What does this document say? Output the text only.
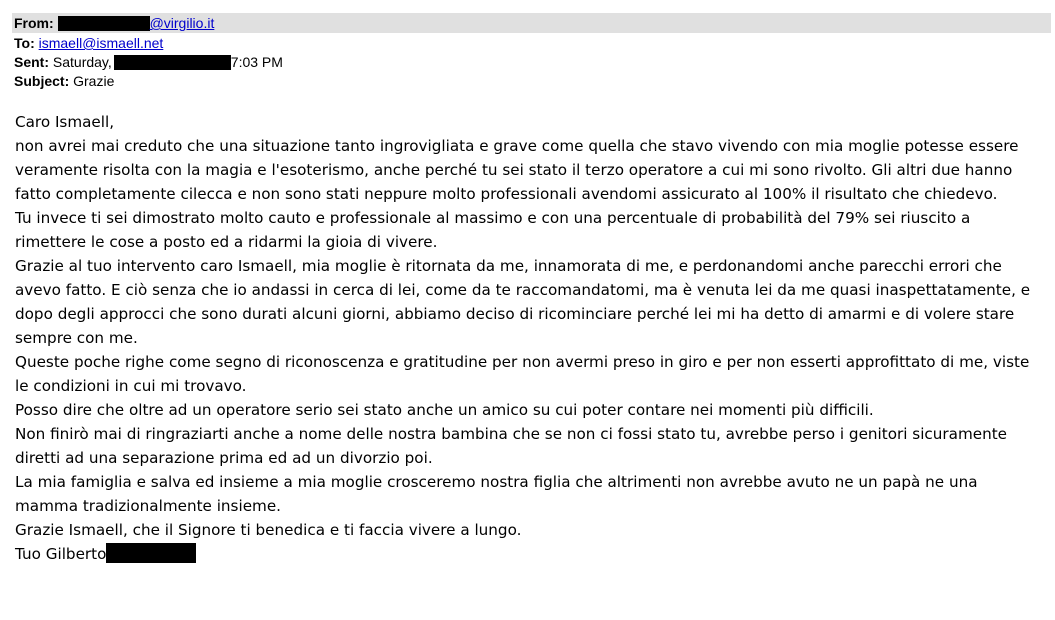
From:	@virgilio.it
To: ismaell@ismaell.net
Sent: Saturday,	7:03 PM
Subject: Grazie

Caro Ismaell,

non avrei mai creduto che una situazione tanto ingrovigliata e grave come quella che stavo vivendo con mia moglie potesse essere veramente risolta con la magia e l'esoterismo, anche perché tu sei stato il terzo operatore a cui mi sono rivolto. Gli altri due hanno fatto completamente cilecca e non sono stati neppure molto professionali avendomi assicurato al 100% il risultato che chiedevo.

Tu invece ti sei dimostrato molto cauto e professionale al massimo e con una percentuale di probabilità del 79% sei riuscito a rimettere le cose a posto ed a ridarmi la gioia di vivere.

Grazie al tuo intervento caro Ismaell, mia moglie è ritornata da me, innamorata di me, e perdonandomi anche parecchi errori che avevo fatto. E ciò senza che io andassi in cerca di lei, come da te raccomandatomi, ma è venuta lei da me quasi inaspettatamente, e dopo degli approcci che sono durati alcuni giorni, abbiamo deciso di ricominciare perché lei mi ha detto di amarmi e di volere stare sempre con me.

Queste poche righe come segno di riconoscenza e gratitudine per non avermi preso in giro e per non esserti approfittato di me, viste le condizioni in cui mi trovavo.

Posso dire che oltre ad un operatore serio sei stato anche un amico su cui poter contare nei momenti più difficili.

Non finirò mai di ringraziarti anche a nome delle nostra bambina che se non ci fossi stato tu, avrebbe perso i genitori sicuramente diretti ad una separazione prima ed ad un divorzio poi.

La mia famiglia e salva ed insieme a mia moglie crosceremo nostra figlia che altrimenti non avrebbe avuto ne un papà ne una mamma tradizionalmente insieme.

Grazie Ismaell, che il Signore ti benedica e ti faccia vivere a lungo.

Tuo Gilberto
